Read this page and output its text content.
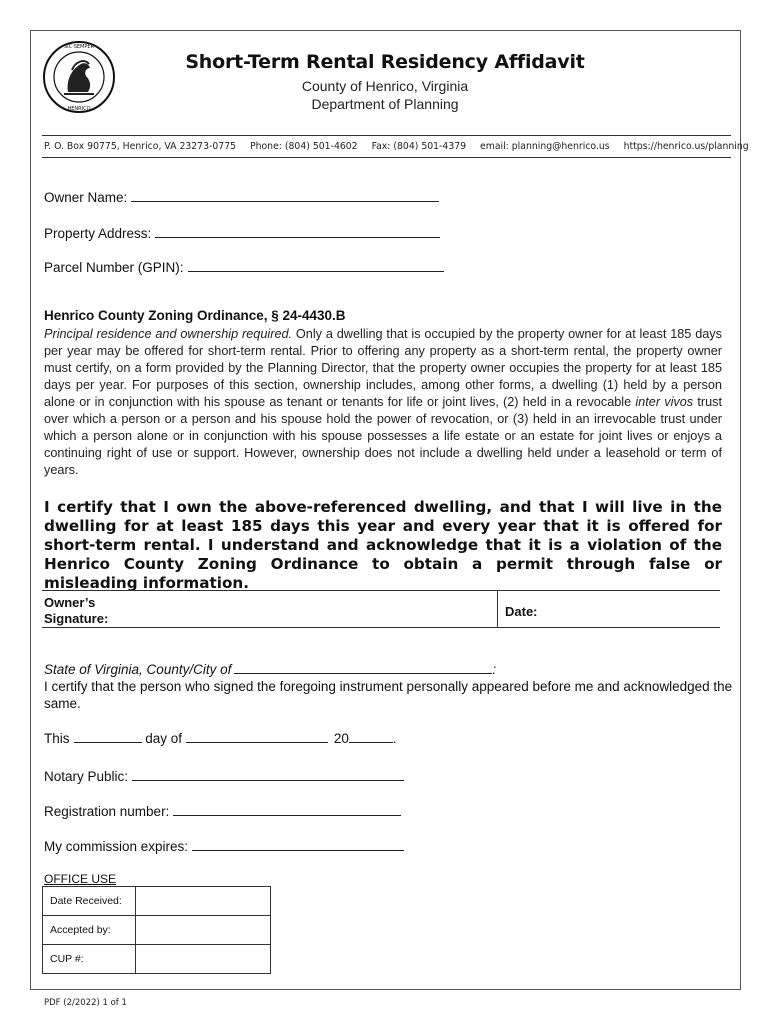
SIC SEMPER
HENRICO
Short-Term Rental Residency Affidavit
County of Henrico, Virginia
Department of Planning
P. O. Box 90775, Henrico, VA 23273-0775 Phone: (804) 501-4602 Fax: (804) 501-4379 email: planning@henrico.us https://henrico.us/planning
Owner Name:
Property Address:
Parcel Number (GPIN):
Henrico County Zoning Ordinance, § 24-4430.B
Principal residence and ownership required. Only a dwelling that is occupied by the property owner for at least 185 days per year may be offered for short-term rental. Prior to offering any property as a short-term rental, the property owner must certify, on a form provided by the Planning Director, that the property owner occupies the property for at least 185 days per year. For purposes of this section, ownership includes, among other forms, a dwelling (1) held by a person alone or in conjunction with his spouse as tenant or tenants for life or joint lives, (2) held in a revocable inter vivos trust over which a person or a person and his spouse hold the power of revocation, or (3) held in an irrevocable trust under which a person alone or in conjunction with his spouse possesses a life estate or an estate for joint lives or enjoys a continuing right of use or support. However, ownership does not include a dwelling held under a leasehold or term of years.
I certify that I own the above-referenced dwelling, and that I will live in the dwelling for at least 185 days this year and every year that it is offered for short-term rental. I understand and acknowledge that it is a violation of the Henrico County Zoning Ordinance to obtain a permit through false or misleading information.
Owner’s
Signature:	Date:
State of Virginia, County/City of	:
I certify that the person who signed the foregoing instrument personally appeared before me and acknowledged the same.
This	day of	20	.
Notary Public:
Registration number:
My commission expires:
OFFICE USE
Date Received:	
Accepted by:	
CUP #:	
PDF (2/2022) 1 of 1
